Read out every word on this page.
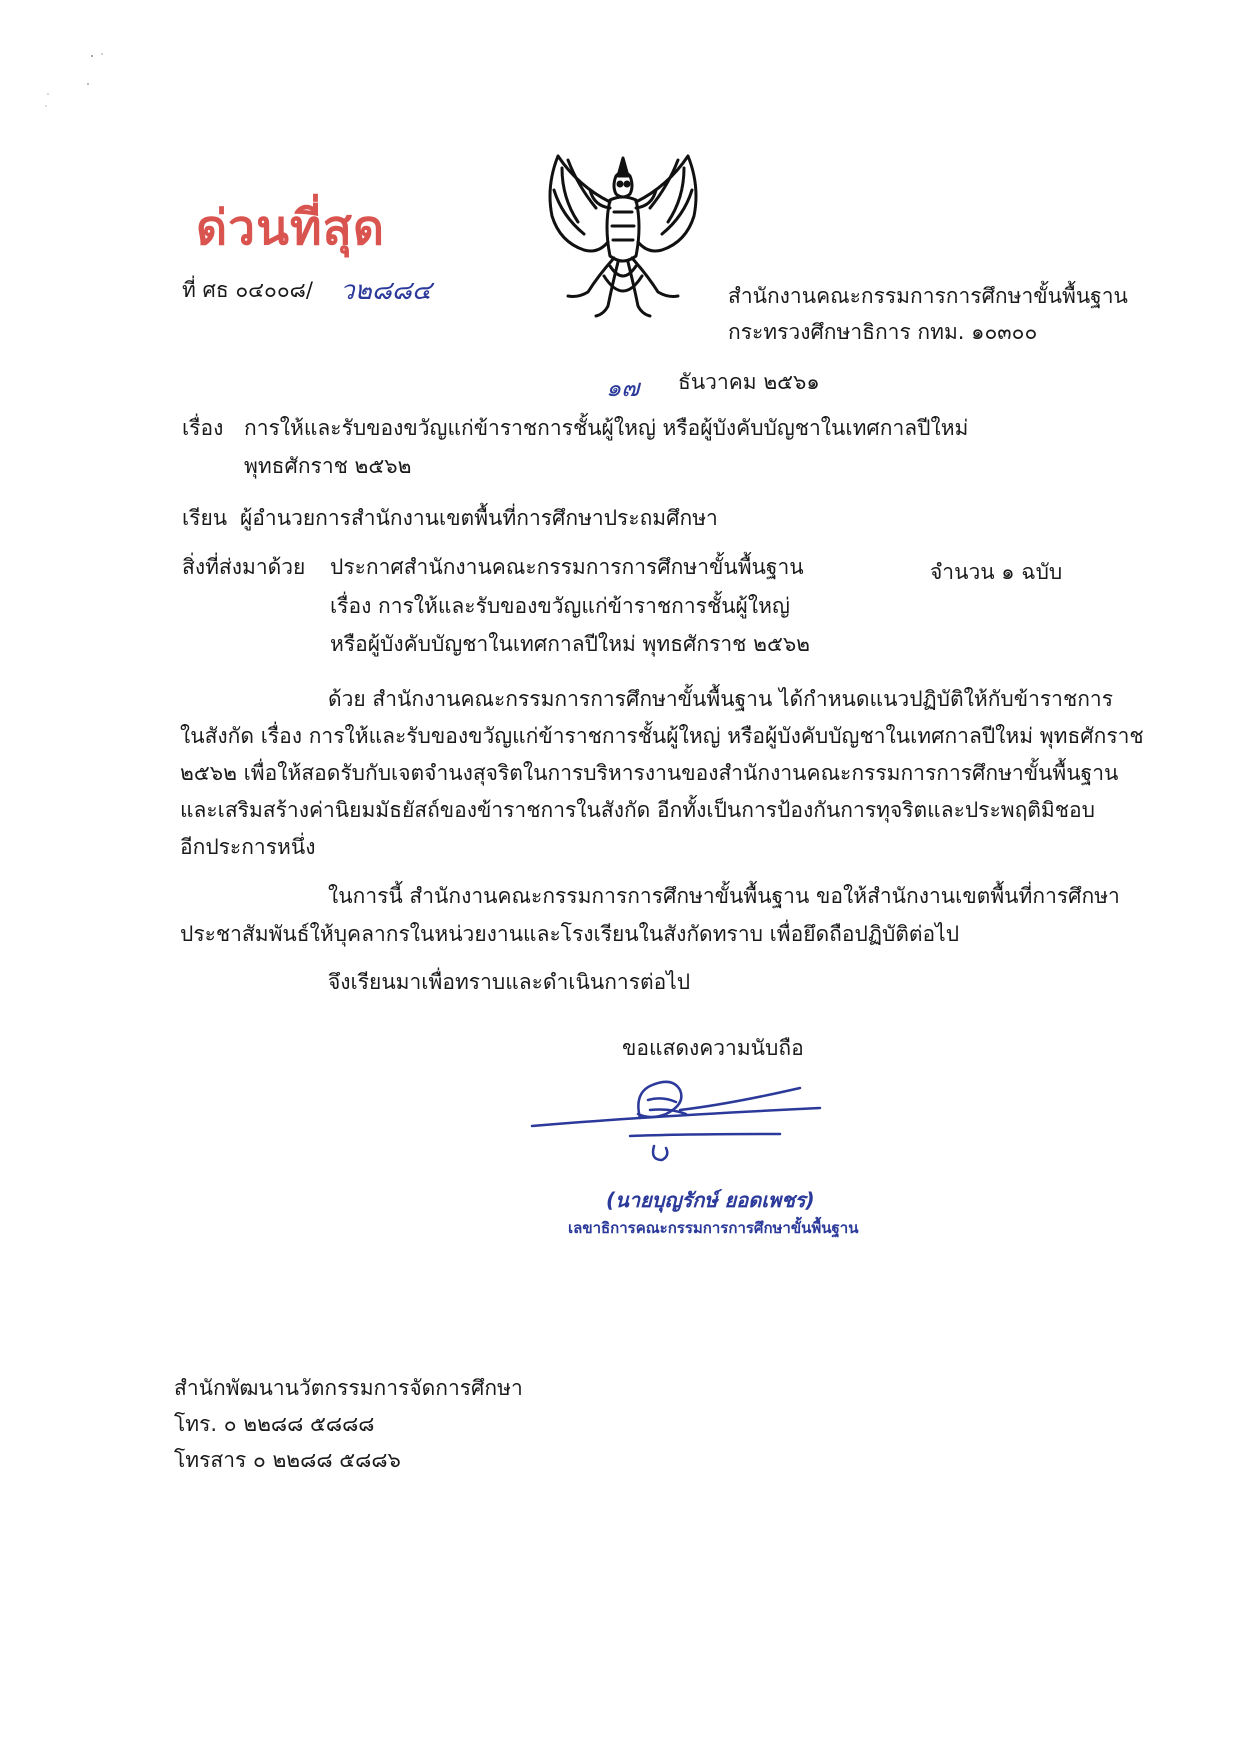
ด่วนที่สุด
ที่ ศธ ๐๔๐๐๘/ ว๒๘๘๔	สำนักงานคณะกรรมการการศึกษาขั้นพื้นฐาน
กระทรวงศึกษาธิการ กทม. ๑๐๓๐๐
๑๗ ธันวาคม ๒๕๖๑
เรื่อง การให้และรับของขวัญแก่ข้าราชการชั้นผู้ใหญ่ หรือผู้บังคับบัญชาในเทศกาลปีใหม่
พุทธศักราช ๒๕๖๒
เรียน ผู้อำนวยการสำนักงานเขตพื้นที่การศึกษาประถมศึกษา
สิ่งที่ส่งมาด้วย ประกาศสำนักงานคณะกรรมการการศึกษาขั้นพื้นฐาน
เรื่อง การให้และรับของขวัญแก่ข้าราชการชั้นผู้ใหญ่
หรือผู้บังคับบัญชาในเทศกาลปีใหม่ พุทธศักราช ๒๕๖๒
จำนวน ๑ ฉบับ
ด้วย สำนักงานคณะกรรมการการศึกษาขั้นพื้นฐาน ได้กำหนดแนวปฏิบัติให้กับข้าราชการ
ในสังกัด เรื่อง การให้และรับของขวัญแก่ข้าราชการชั้นผู้ใหญ่ หรือผู้บังคับบัญชาในเทศกาลปีใหม่ พุทธศักราช
๒๕๖๒ เพื่อให้สอดรับกับเจตจำนงสุจริตในการบริหารงานของสำนักงานคณะกรรมการการศึกษาขั้นพื้นฐาน
และเสริมสร้างค่านิยมมัธยัสถ์ของข้าราชการในสังกัด อีกทั้งเป็นการป้องกันการทุจริตและประพฤติมิชอบ
อีกประการหนึ่ง
ในการนี้ สำนักงานคณะกรรมการการศึกษาขั้นพื้นฐาน ขอให้สำนักงานเขตพื้นที่การศึกษา
ประชาสัมพันธ์ให้บุคลากรในหน่วยงานและโรงเรียนในสังกัดทราบ เพื่อยึดถือปฏิบัติต่อไป
จึงเรียนมาเพื่อทราบและดำเนินการต่อไป
ขอแสดงความนับถือ
(นายบุญรักษ์ ยอดเพชร)
เลขาธิการคณะกรรมการการศึกษาขั้นพื้นฐาน
สำนักพัฒนานวัตกรรมการจัดการศึกษา
โทร. ๐ ๒๒๘๘ ๕๘๘๘
โทรสาร ๐ ๒๒๘๘ ๕๘๘๖
